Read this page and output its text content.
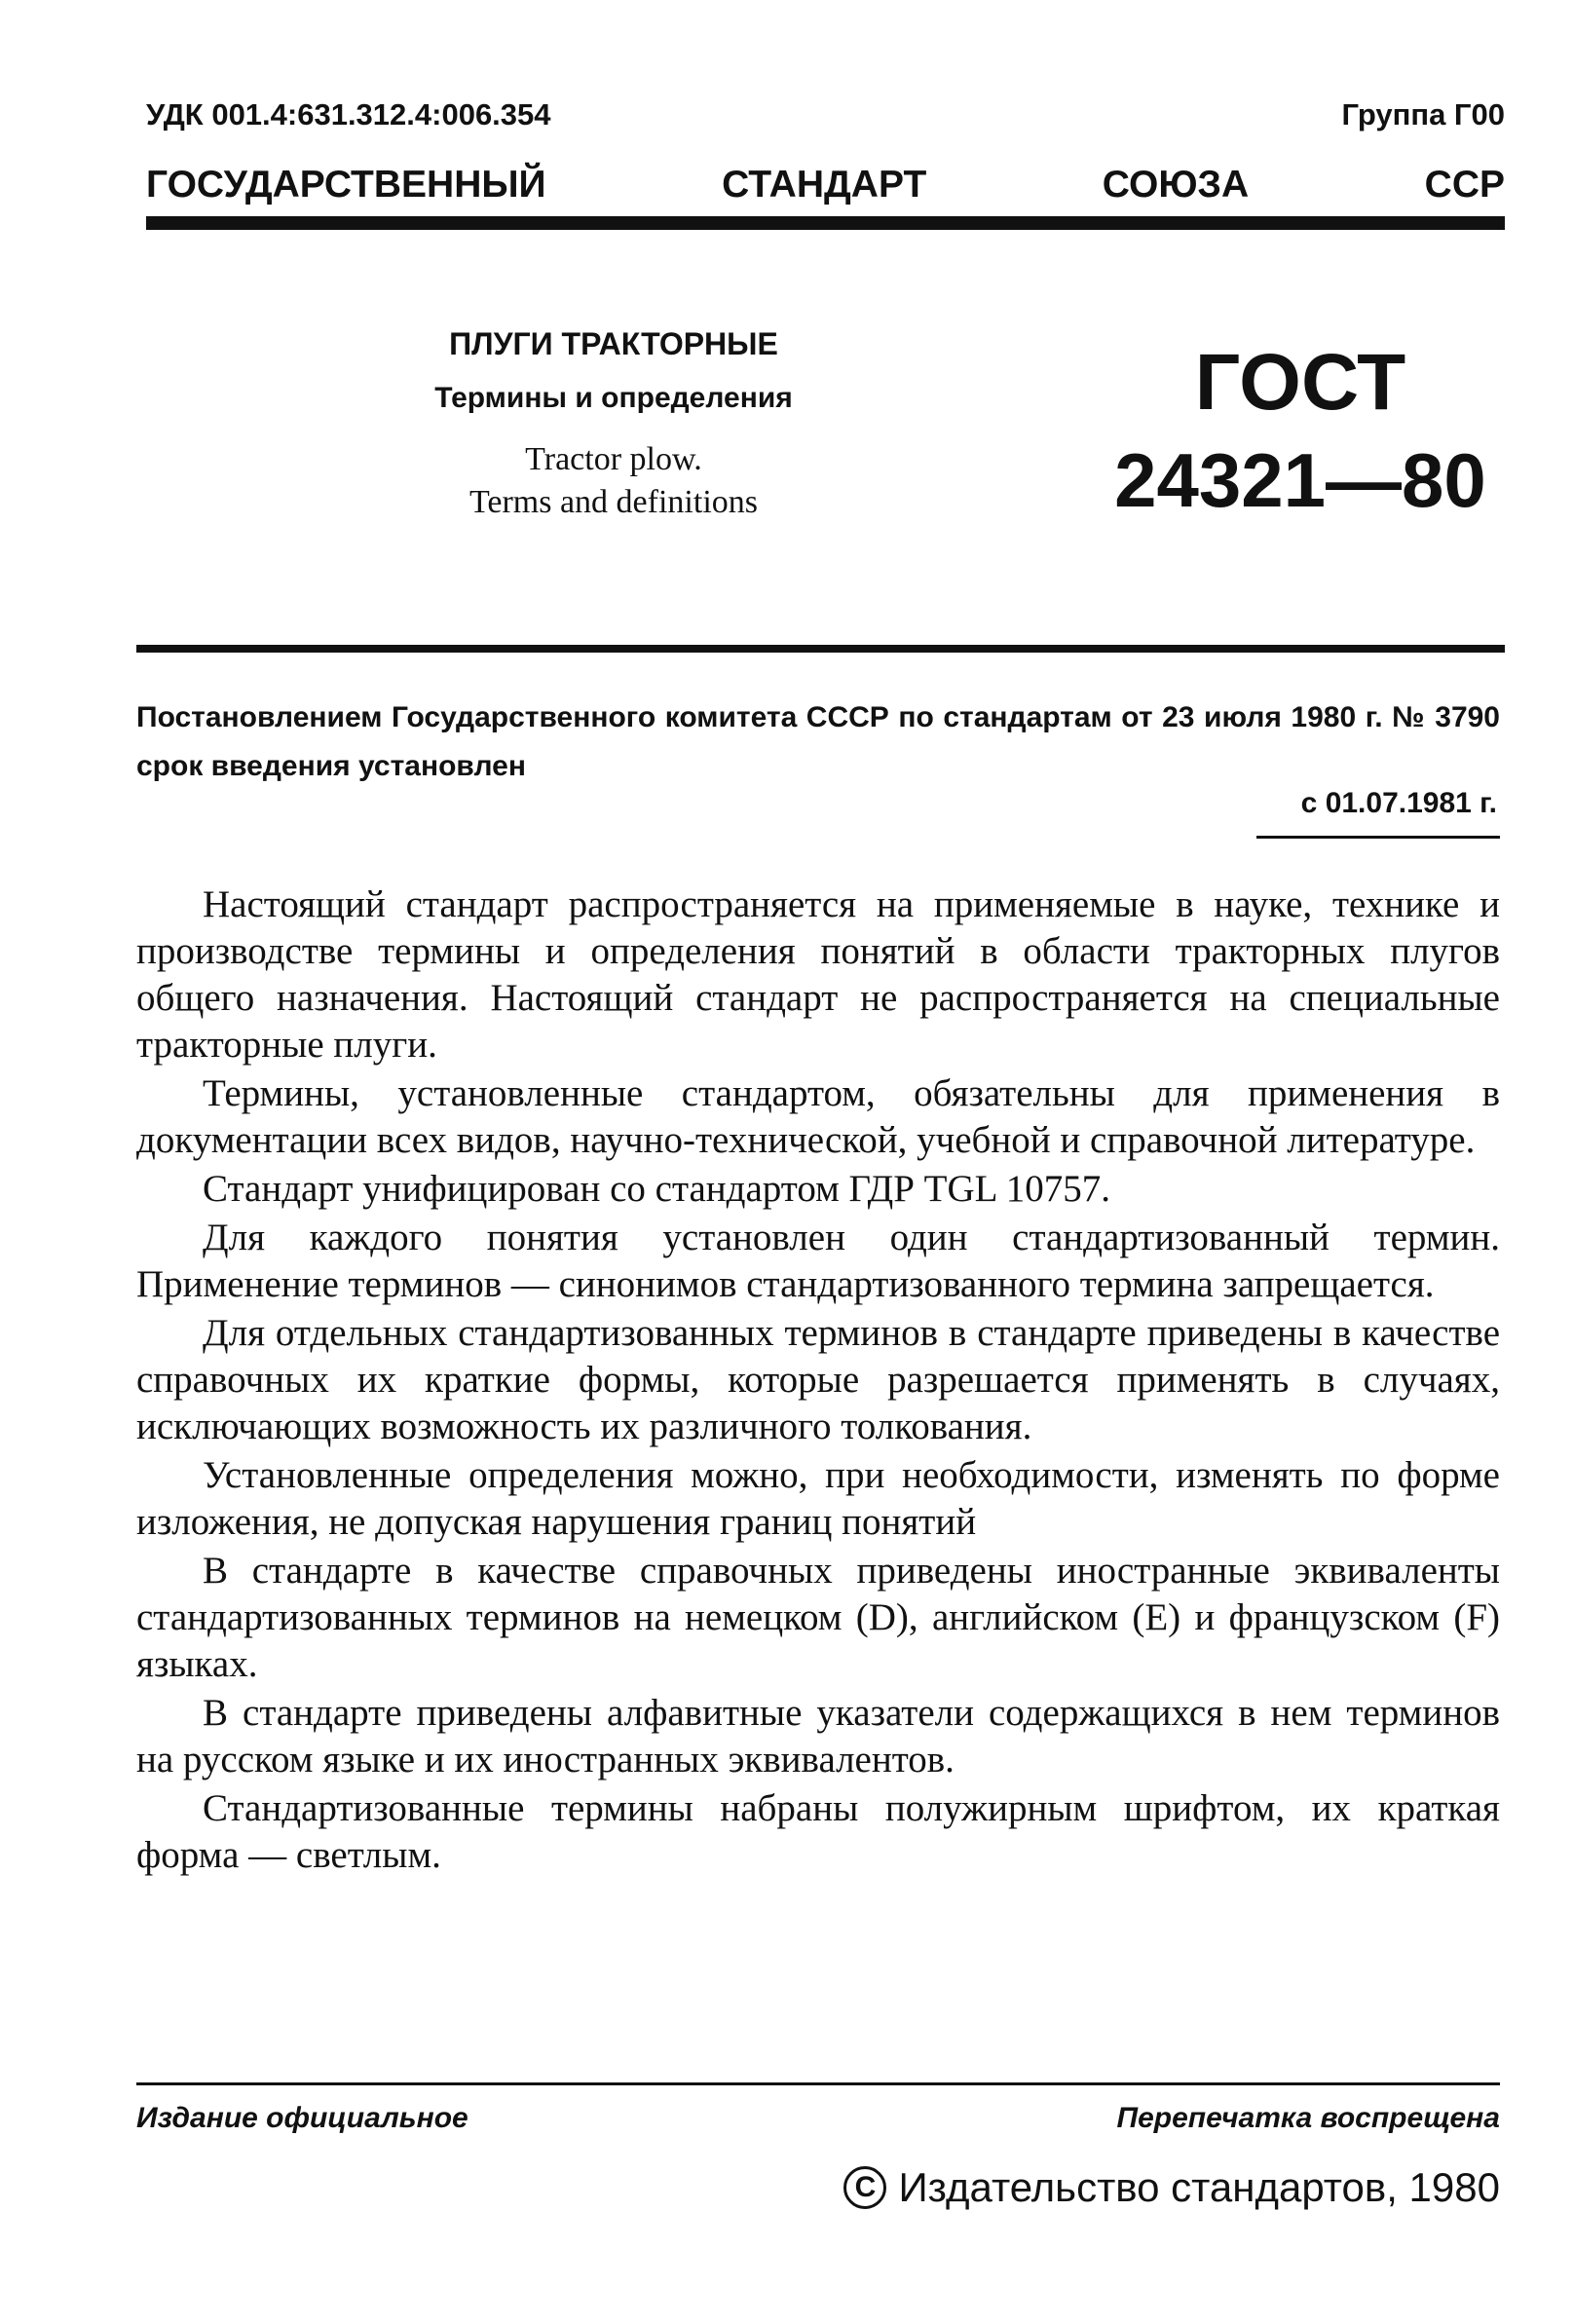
УДК 001.4:631.312.4:006.354	Группа Г00
ГОСУДАРСТВЕННЫЙ СТАНДАРТ СОЮЗА ССР
ПЛУГИ ТРАКТОРНЫЕ
Термины и определения
Tractor plow.
Terms and definitions
ГОСТ
24321—80
Постановлением Государственного комитета СССР по стандартам от 23 июля 1980 г. № 3790 срок введения установлен
с 01.07.1981 г.

Настоящий стандарт распространяется на применяемые в науке, технике и производстве термины и определения понятий в области тракторных плугов общего назначения. Настоящий стандарт не распространяется на специальные тракторные плуги.

Термины, установленные стандартом, обязательны для применения в документации всех видов, научно-технической, учебной и справочной литературе.

Стандарт унифицирован со стандартом ГДР TGL 10757.

Для каждого понятия установлен один стандартизованный термин. Применение терминов — синонимов стандартизованного термина запрещается.

Для отдельных стандартизованных терминов в стандарте приведены в качестве справочных их краткие формы, которые разрешается применять в случаях, исключающих возможность их различного толкования.

Установленные определения можно, при необходимости, изменять по форме изложения, не допуская нарушения границ понятий

В стандарте в качестве справочных приведены иностранные эквиваленты стандартизованных терминов на немецком (D), английском (E) и французском (F) языках.

В стандарте приведены алфавитные указатели содержащихся в нем терминов на русском языке и их иностранных эквивалентов.

Стандартизованные термины набраны полужирным шрифтом, их краткая форма — светлым.

Издание официальное	Перепечатка воспрещена
C Издательство стандартов, 1980
